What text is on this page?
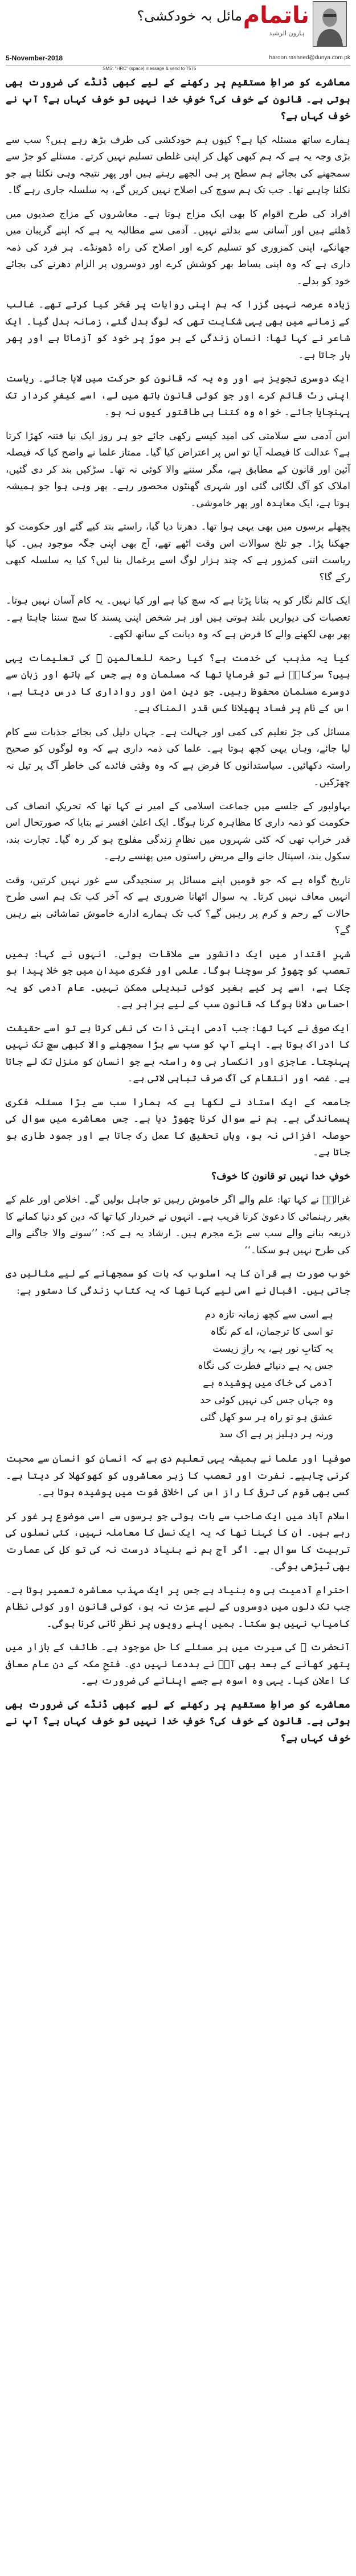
ناتمام
مائل بہ خودکشی؟
ہارون الرشید
5-November-2018	haroon.rasheed@dunya.com.pk
SMS: "HRC" (space) message & send to 7575

معاشرے کو صراطِ مستقیم پر رکھنے کے لیے کبھی ڈنڈے کی ضرورت بھی ہوتی ہے۔ قانون کے خوف کی؟ خوفِ خدا نہیں تو خوف کہاں ہے؟ آپ نے خوف کہاں ہے؟

ہمارے ساتھ مسئلہ کیا ہے؟ کیوں ہم خودکشی کی طرف بڑھ رہے ہیں؟ سب سے بڑی وجہ یہ ہے کہ ہم کبھی کھل کر اپنی غلطی تسلیم نہیں کرتے۔ مسئلے کو جڑ سے سمجھنے کی بجائے ہم سطح پر ہی الجھے رہتے ہیں اور پھر نتیجہ وہی نکلتا ہے جو نکلنا چاہیے تھا۔ جب تک ہم سوچ کی اصلاح نہیں کریں گے، یہ سلسلہ جاری رہے گا۔

افراد کی طرح اقوام کا بھی ایک مزاج ہوتا ہے۔ معاشروں کے مزاج صدیوں میں ڈھلتے ہیں اور آسانی سے بدلتے نہیں۔ آدمی سے مطالبہ یہ ہے کہ اپنے گریبان میں جھانکے، اپنی کمزوری کو تسلیم کرے اور اصلاح کی راہ ڈھونڈے۔ ہر فرد کی ذمہ داری ہے کہ وہ اپنی بساط بھر کوشش کرے اور دوسروں پر الزام دھرنے کی بجائے خود کو بدلے۔

زیادہ عرصہ نہیں گزرا کہ ہم اپنی روایات پر فخر کیا کرتے تھے۔ غالب کے زمانے میں بھی یہی شکایت تھی کہ لوگ بدل گئے، زمانہ بدل گیا۔ ایک شاعر نے کہا تھا: انسان زندگی کے ہر موڑ پر خود کو آزماتا ہے اور پھر ہار جاتا ہے۔

ایک دوسری تجویز ہے اور وہ یہ کہ قانون کو حرکت میں لایا جائے۔ ریاست اپنی رٹ قائم کرے اور جو کوئی قانون ہاتھ میں لے، اسے کیفرِ کردار تک پہنچایا جائے۔ خواہ وہ کتنا ہی طاقتور کیوں نہ ہو۔

اس آدمی سے سلامتی کی امید کیسے رکھی جائے جو ہر روز ایک نیا فتنہ کھڑا کرتا ہے؟ عدالت کا فیصلہ آیا تو اس پر اعتراض کیا گیا۔ ممتاز علما نے واضح کیا کہ فیصلہ آئین اور قانون کے مطابق ہے، مگر سننے والا کوئی نہ تھا۔ سڑکیں بند کر دی گئیں، املاک کو آگ لگائی گئی اور شہری گھنٹوں محصور رہے۔ پھر وہی ہوا جو ہمیشہ ہوتا ہے، ایک معاہدہ اور پھر خاموشی۔

پچھلے برسوں میں بھی یہی ہوا تھا۔ دھرنا دیا گیا، راستے بند کیے گئے اور حکومت کو جھکنا پڑا۔ جو تلخ سوالات اس وقت اٹھے تھے، آج بھی اپنی جگہ موجود ہیں۔ کیا ریاست اتنی کمزور ہے کہ چند ہزار لوگ اسے یرغمال بنا لیں؟ کیا یہ سلسلہ کبھی رکے گا؟

ایک کالم نگار کو یہ بتانا پڑتا ہے کہ سچ کیا ہے اور کیا نہیں۔ یہ کام آسان نہیں ہوتا۔ تعصبات کی دیواریں بلند ہوتی ہیں اور ہر شخص اپنی پسند کا سچ سننا چاہتا ہے۔ پھر بھی لکھنے والے کا فرض ہے کہ وہ دیانت کے ساتھ لکھے۔

کیا یہ مذہب کی خدمت ہے؟ کیا رحمۃ للعالمین ﷺ کی تعلیمات یہی ہیں؟ سرکارؐ نے تو فرمایا تھا کہ مسلمان وہ ہے جس کے ہاتھ اور زبان سے دوسرے مسلمان محفوظ رہیں۔ جو دین امن اور رواداری کا درس دیتا ہے، اس کے نام پر فساد پھیلانا کس قدر المناک ہے۔

مسائل کی جڑ تعلیم کی کمی اور جہالت ہے۔ جہاں دلیل کی بجائے جذبات سے کام لیا جائے، وہاں یہی کچھ ہوتا ہے۔ علما کی ذمہ داری ہے کہ وہ لوگوں کو صحیح راستہ دکھائیں۔ سیاستدانوں کا فرض ہے کہ وہ وقتی فائدے کی خاطر آگ پر تیل نہ چھڑکیں۔

بہاولپور کے جلسے میں جماعت اسلامی کے امیر نے کہا تھا کہ تحریکِ انصاف کی حکومت کو ذمہ داری کا مظاہرہ کرنا ہوگا۔ ایک اعلیٰ افسر نے بتایا کہ صورتحال اس قدر خراب تھی کہ کئی شہروں میں نظامِ زندگی مفلوج ہو کر رہ گیا۔ تجارت بند، سکول بند، اسپتال جانے والے مریض راستوں میں پھنسے رہے۔

تاریخ گواہ ہے کہ جو قومیں اپنے مسائل پر سنجیدگی سے غور نہیں کرتیں، وقت انہیں معاف نہیں کرتا۔ یہ سوال اٹھانا ضروری ہے کہ آخر کب تک ہم اسی طرح حالات کے رحم و کرم پر رہیں گے؟ کب تک ہمارے ادارے خاموش تماشائی بنے رہیں گے؟

شہرِ اقتدار میں ایک دانشور سے ملاقات ہوئی۔ انہوں نے کہا: ہمیں تعصب کو چھوڑ کر سوچنا ہوگا۔ علمی اور فکری میدان میں جو خلا پیدا ہو چکا ہے، اسے پر کیے بغیر کوئی تبدیلی ممکن نہیں۔ عام آدمی کو یہ احساس دلانا ہوگا کہ قانون سب کے لیے برابر ہے۔

ایک صوفی نے کہا تھا: جب آدمی اپنی ذات کی نفی کرتا ہے تو اسے حقیقت کا ادراک ہوتا ہے۔ اپنے آپ کو سب سے بڑا سمجھنے والا کبھی سچ تک نہیں پہنچتا۔ عاجزی اور انکسار ہی وہ راستہ ہے جو انسان کو منزل تک لے جاتا ہے۔ غصہ اور انتقام کی آگ صرف تباہی لاتی ہے۔

جامعہ کے ایک استاد نے لکھا ہے کہ ہمارا سب سے بڑا مسئلہ فکری پسماندگی ہے۔ ہم نے سوال کرنا چھوڑ دیا ہے۔ جس معاشرے میں سوال کی حوصلہ افزائی نہ ہو، وہاں تحقیق کا عمل رک جاتا ہے اور جمود طاری ہو جاتا ہے۔

خوفِ خدا نہیں تو قانون کا خوف؟

غزالیؒ نے کہا تھا: علم والے اگر خاموش رہیں تو جاہل بولیں گے۔ اخلاص اور علم کے بغیر رہنمائی کا دعویٰ کرنا فریب ہے۔ انہوں نے خبردار کیا تھا کہ دین کو دنیا کمانے کا ذریعہ بنانے والے سب سے بڑے مجرم ہیں۔ ارشاد یہ ہے کہ: ’’سونے والا جاگنے والے کی طرح نہیں ہو سکتا۔‘‘

خوب صورت ہے قرآن کا یہ اسلوب کہ بات کو سمجھانے کے لیے مثالیں دی جاتی ہیں۔ اقبال نے اسی لیے کہا تھا کہ یہ کتاب زندگی کا دستور ہے:

ہے اسی سے کچھ زمانہ تازہ دم
تو اسی کا ترجمان، اے کم نگاہ
یہ کتابِ نور ہے، یہ رازِ زیست
جس پہ ہے دنیائے فطرت کی نگاہ
آدمی کی خاک میں پوشیدہ ہے
وہ جہاں جس کی نہیں کوئی حد
عشق ہو تو راہ ہر سو کھل گئی
ورنہ ہر دہلیز پر ہے اک سد

صوفیا اور علما نے ہمیشہ یہی تعلیم دی ہے کہ انسان کو انسان سے محبت کرنی چاہیے۔ نفرت اور تعصب کا زہر معاشروں کو کھوکھلا کر دیتا ہے۔ کسی بھی قوم کی ترقی کا راز اس کی اخلاقی قوت میں پوشیدہ ہوتا ہے۔

اسلام آباد میں ایک صاحب سے بات ہوئی جو برسوں سے اسی موضوع پر غور کر رہے ہیں۔ ان کا کہنا تھا کہ یہ ایک نسل کا معاملہ نہیں، کئی نسلوں کی تربیت کا سوال ہے۔ اگر آج ہم نے بنیاد درست نہ کی تو کل کی عمارت بھی ٹیڑھی ہوگی۔

احترامِ آدمیت ہی وہ بنیاد ہے جس پر ایک مہذب معاشرہ تعمیر ہوتا ہے۔ جب تک دلوں میں دوسروں کے لیے عزت نہ ہو، کوئی قانون اور کوئی نظام کامیاب نہیں ہو سکتا۔ ہمیں اپنے رویوں پر نظرِ ثانی کرنا ہوگی۔

آنحضرت ﷺ کی سیرت میں ہر مسئلے کا حل موجود ہے۔ طائف کے بازار میں پتھر کھانے کے بعد بھی آپؐ نے بددعا نہیں دی۔ فتحِ مکہ کے دن عام معافی کا اعلان کیا۔ یہی وہ اسوہ ہے جسے اپنانے کی ضرورت ہے۔

معاشرے کو صراطِ مستقیم پر رکھنے کے لیے کبھی ڈنڈے کی ضرورت بھی ہوتی ہے۔ قانون کے خوف کی؟ خوفِ خدا نہیں تو خوف کہاں ہے؟ آپ نے خوف کہاں ہے؟
